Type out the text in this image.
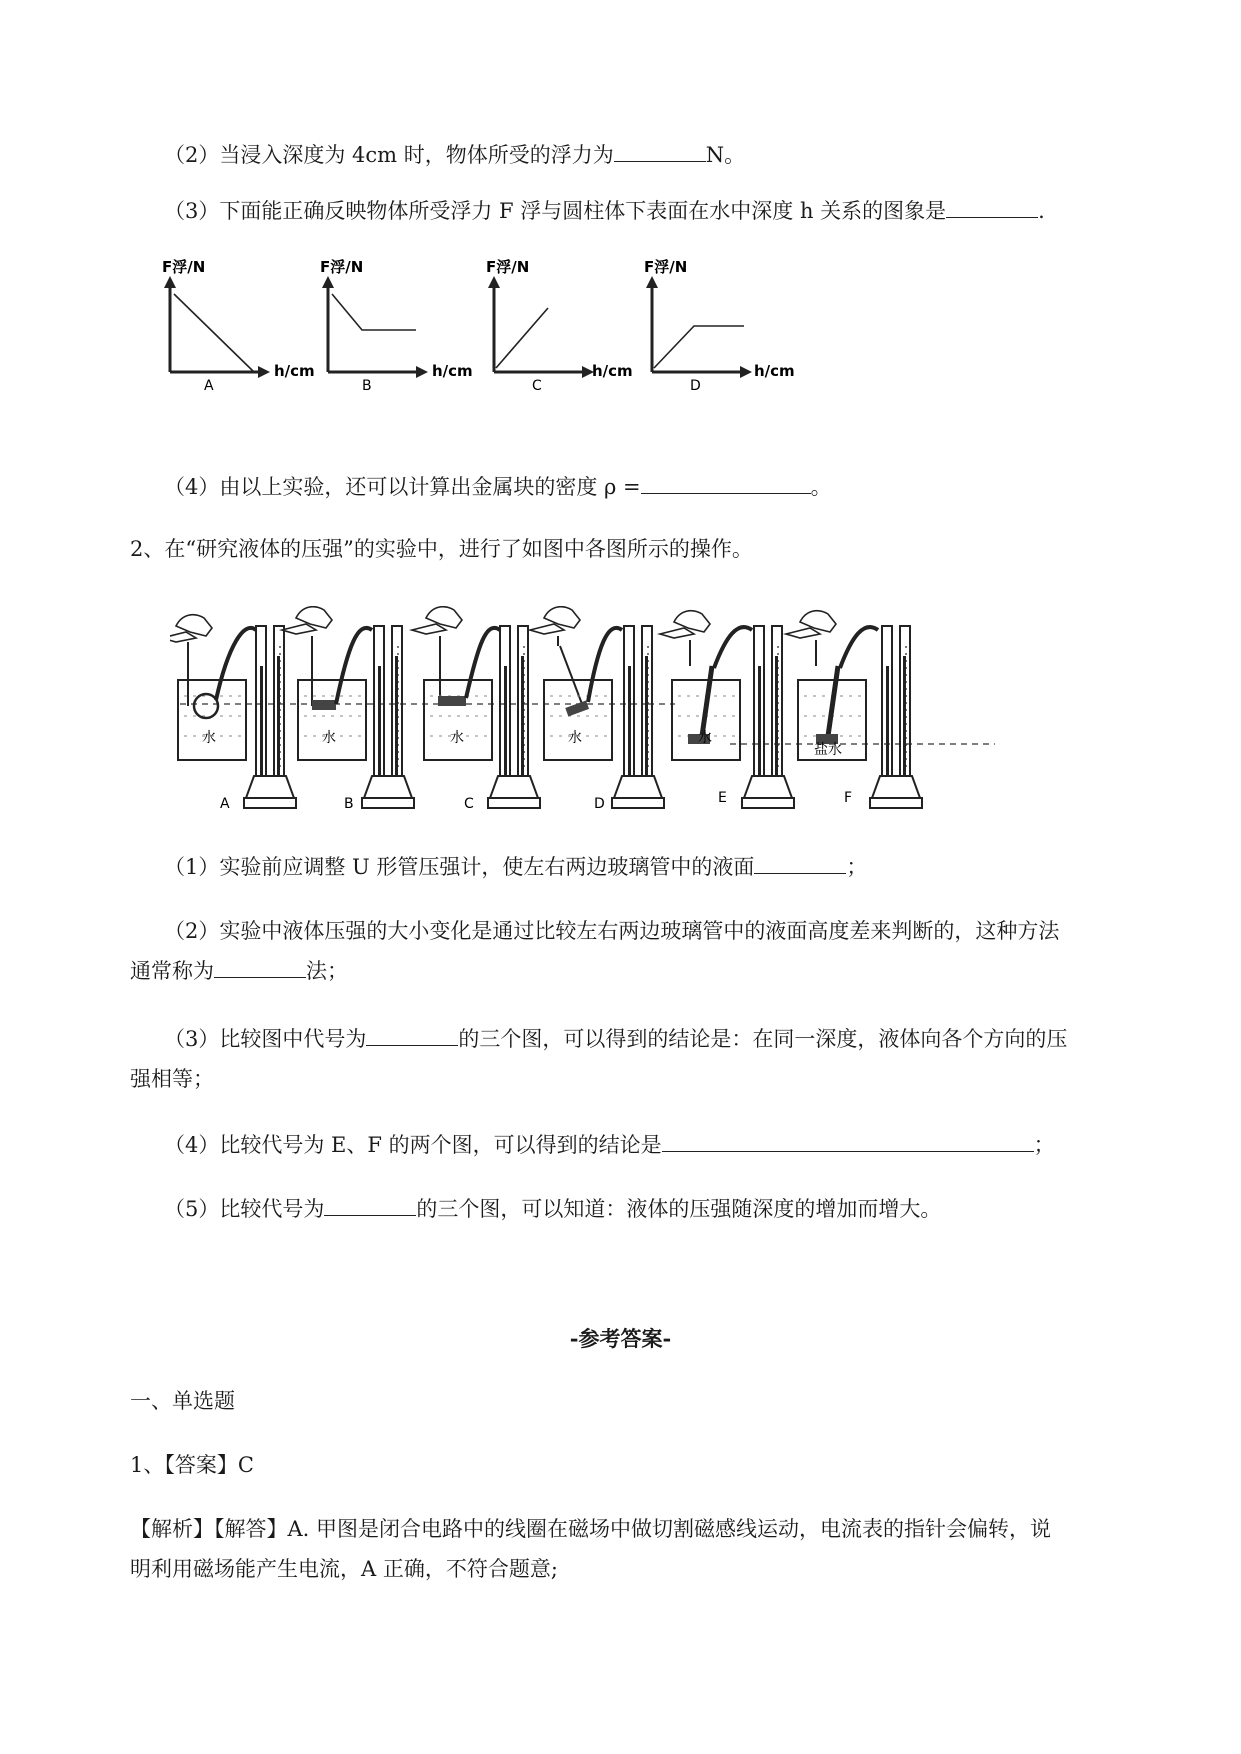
（2）当浸入深度为 4cm 时，物体所受的浮力为	N。
（3）下面能正确反映物体所受浮力 F 浮与圆柱体下表面在水中深度 h 关系的图象是	.
F浮/N
h/cm
A
F浮/N
h/cm
B
F浮/N
h/cm
C
F浮/N
h/cm
D
（4）由以上实验，还可以计算出金属块的密度 ρ =	。
2、在“研究液体的压强”的实验中，进行了如图中各图所示的操作。
水
A
水
B
水
C
水
D
水
E
盐水
F
（1）实验前应调整 U 形管压强计，使左右两边玻璃管中的液面	；
（2）实验中液体压强的大小变化是通过比较左右两边玻璃管中的液面高度差来判断的，这种方法
通常称为	法；
（3）比较图中代号为	的三个图，可以得到的结论是：在同一深度，液体向各个方向的压
强相等；
（4）比较代号为 E、F 的两个图，可以得到的结论是	；
（5）比较代号为	的三个图，可以知道：液体的压强随深度的增加而增大。
-参考答案-
一、单选题
1、【答案】C
【解析】【解答】A. 甲图是闭合电路中的线圈在磁场中做切割磁感线运动，电流表的指针会偏转，说
明利用磁场能产生电流，A 正确，不符合题意;
